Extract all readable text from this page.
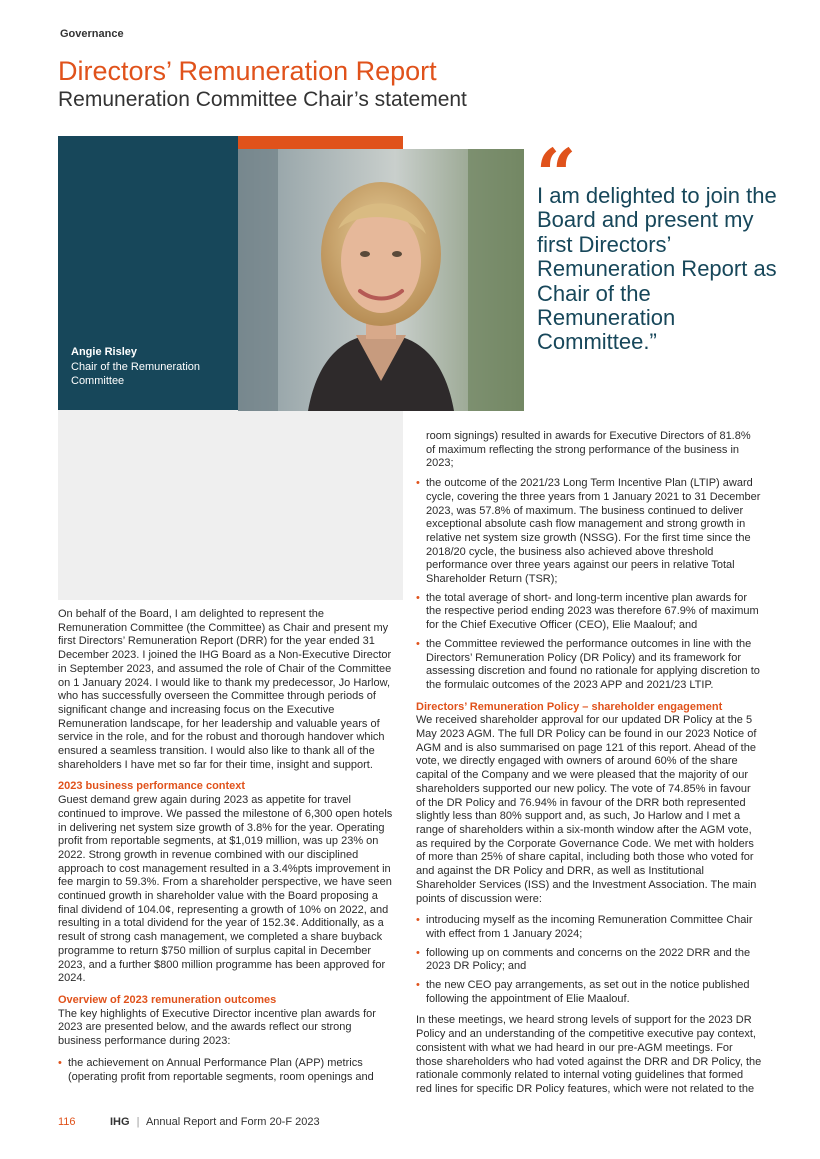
Governance
Directors’ Remuneration Report
Remuneration Committee Chair’s statement
Angie Risley
Chair of the Remuneration Committee
“
I am delighted to join the Board and present my first Directors’ Remuneration Report as Chair of the Remuneration Committee.”

On behalf of the Board, I am delighted to represent the Remuneration Committee (the Committee) as Chair and present my first Directors’ Remuneration Report (DRR) for the year ended 31 December 2023. I joined the IHG Board as a Non-Executive Director in September 2023, and assumed the role of Chair of the Committee on 1 January 2024. I would like to thank my predecessor, Jo Harlow, who has successfully overseen the Committee through periods of significant change and increasing focus on the Executive Remuneration landscape, for her leadership and valuable years of service in the role, and for the robust and thorough handover which ensured a seamless transition. I would also like to thank all of the shareholders I have met so far for their time, insight and support.

2023 business performance context

Guest demand grew again during 2023 as appetite for travel continued to improve. We passed the milestone of 6,300 open hotels in delivering net system size growth of 3.8% for the year. Operating profit from reportable segments, at $1,019 million, was up 23% on 2022. Strong growth in revenue combined with our disciplined approach to cost management resulted in a 3.4%pts improvement in fee margin to 59.3%. From a shareholder perspective, we have seen continued growth in shareholder value with the Board proposing a final dividend of 104.0¢, representing a growth of 10% on 2022, and resulting in a total dividend for the year of 152.3¢. Additionally, as a result of strong cash management, we completed a share buyback programme to return $750 million of surplus capital in December 2023, and a further $800 million programme has been approved for 2024.

Overview of 2023 remuneration outcomes

The key highlights of Executive Director incentive plan awards for 2023 are presented below, and the awards reflect our strong business performance during 2023:

• the achievement on Annual Performance Plan (APP) metrics (operating profit from reportable segments, room openings and

room signings) resulted in awards for Executive Directors of 81.8% of maximum reflecting the strong performance of the business in 2023;

• the outcome of the 2021/23 Long Term Incentive Plan (LTIP) award cycle, covering the three years from 1 January 2021 to 31 December 2023, was 57.8% of maximum. The business continued to deliver exceptional absolute cash flow management and strong growth in relative net system size growth (NSSG). For the first time since the 2018/20 cycle, the business also achieved above threshold performance over three years against our peers in relative Total Shareholder Return (TSR);
• the total average of short- and long-term incentive plan awards for the respective period ending 2023 was therefore 67.9% of maximum for the Chief Executive Officer (CEO), Elie Maalouf; and
• the Committee reviewed the performance outcomes in line with the Directors’ Remuneration Policy (DR Policy) and its framework for assessing discretion and found no rationale for applying discretion to the formulaic outcomes of the 2023 APP and 2021/23 LTIP.
Directors’ Remuneration Policy – shareholder engagement

We received shareholder approval for our updated DR Policy at the 5 May 2023 AGM. The full DR Policy can be found in our 2023 Notice of AGM and is also summarised on page 121 of this report. Ahead of the vote, we directly engaged with owners of around 60% of the share capital of the Company and we were pleased that the majority of our shareholders supported our new policy. The vote of 74.85% in favour of the DR Policy and 76.94% in favour of the DRR both represented slightly less than 80% support and, as such, Jo Harlow and I met a range of shareholders within a six-month window after the AGM vote, as required by the Corporate Governance Code. We met with holders of more than 25% of share capital, including both those who voted for and against the DR Policy and DRR, as well as Institutional Shareholder Services (ISS) and the Investment Association. The main points of discussion were:

• introducing myself as the incoming Remuneration Committee Chair with effect from 1 January 2024;
• following up on comments and concerns on the 2022 DRR and the 2023 DR Policy; and
• the new CEO pay arrangements, as set out in the notice published following the appointment of Elie Maalouf.

In these meetings, we heard strong levels of support for the 2023 DR Policy and an understanding of the competitive executive pay context, consistent with what we had heard in our pre-AGM meetings. For those shareholders who had voted against the DRR and DR Policy, the rationale commonly related to internal voting guidelines that formed red lines for specific DR Policy features, which were not related to the

116	IHG | Annual Report and Form 20-F 2023
